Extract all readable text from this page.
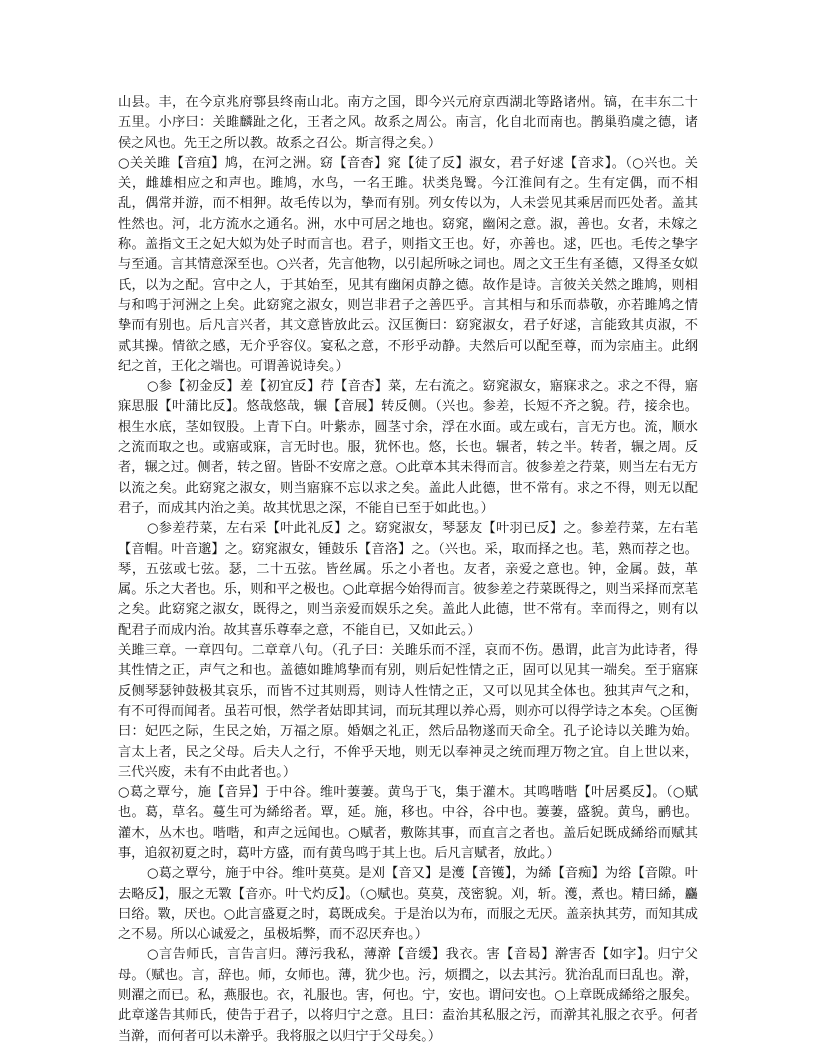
山县。丰，在今京兆府鄠县终南山北。南方之国，即今兴元府京西湖北等路诸州。镐，在丰东二十五里。小序曰：关雎麟趾之化，王者之风。故系之周公。南言，化自北而南也。鹊巢驺虞之德，诸侯之风也。先王之所以教。故系之召公。斯言得之矣。）

○关关雎【音疽】鸠，在河之洲。窈【音杳】窕【徒了反】淑女，君子好逑【音求】。（○兴也。关关，雌雄相应之和声也。雎鸠，水鸟，一名王雎。状类凫鹥。今江淮间有之。生有定偶，而不相乱，偶常并游，而不相狎。故毛传以为，挚而有别。列女传以为，人未尝见其乘居而匹处者。盖其性然也。河，北方流水之通名。洲，水中可居之地也。窈窕，幽闲之意。淑，善也。女者，未嫁之称。盖指文王之妃大姒为处子时而言也。君子，则指文王也。好，亦善也。逑，匹也。毛传之挚字与至通。言其情意深至也。○兴者，先言他物，以引起所咏之词也。周之文王生有圣德，又得圣女姒氏，以为之配。宫中之人，于其始至，见其有幽闲贞静之德。故作是诗。言彼关关然之雎鸠，则相与和鸣于河洲之上矣。此窈窕之淑女，则岂非君子之善匹乎。言其相与和乐而恭敬，亦若雎鸠之情挚而有别也。后凡言兴者，其文意皆放此云。汉匡衡曰：窈窕淑女，君子好逑，言能致其贞淑，不贰其操。情欲之感，无介乎容仪。宴私之意，不形乎动静。夫然后可以配至尊，而为宗庙主。此纲纪之首，王化之端也。可谓善说诗矣。）

○参【初金反】差【初宜反】荇【音杏】菜，左右流之。窈窕淑女，寤寐求之。求之不得，寤寐思服【叶蒲比反】。悠哉悠哉，辗【音展】转反侧。（兴也。参差，长短不齐之貌。荇，接余也。根生水底，茎如钗股。上青下白。叶紫赤，圆茎寸余，浮在水面。或左或右，言无方也。流，顺水之流而取之也。或寤或寐，言无时也。服，犹怀也。悠，长也。辗者，转之半。转者，辗之周。反者，辗之过。侧者，转之留。皆卧不安席之意。○此章本其未得而言。彼参差之荇菜，则当左右无方以流之矣。此窈窕之淑女，则当寤寐不忘以求之矣。盖此人此德，世不常有。求之不得，则无以配君子，而成其内治之美。故其忧思之深，不能自已至于如此也。）

○参差荇菜，左右采【叶此礼反】之。窈窕淑女，琴瑟友【叶羽已反】之。参差荇菜，左右芼【音帽。叶音邈】之。窈窕淑女，锺鼓乐【音洛】之。（兴也。采，取而择之也。芼，熟而荐之也。琴，五弦或七弦。瑟，二十五弦。皆丝属。乐之小者也。友者，亲爱之意也。钟，金属。鼓，革属。乐之大者也。乐，则和平之极也。○此章据今始得而言。彼参差之荇菜既得之，则当采择而烹芼之矣。此窈窕之淑女，既得之，则当亲爱而娱乐之矣。盖此人此德，世不常有。幸而得之，则有以配君子而成内治。故其喜乐尊奉之意，不能自已，又如此云。）

关雎三章。一章四句。二章章八句。（孔子曰：关雎乐而不淫，哀而不伤。愚谓，此言为此诗者，得其性情之正，声气之和也。盖德如雎鸠挚而有别，则后妃性情之正，固可以见其一端矣。至于寤寐反侧琴瑟钟鼓极其哀乐，而皆不过其则焉，则诗人性情之正，又可以见其全体也。独其声气之和，有不可得而闻者。虽若可恨，然学者姑即其词，而玩其理以养心焉，则亦可以得学诗之本矣。○匡衡曰：妃匹之际，生民之始，万福之原。婚姻之礼正，然后品物遂而天命全。孔子论诗以关雎为始。言太上者，民之父母。后夫人之行，不侔乎天地，则无以奉神灵之统而理万物之宜。自上世以来，三代兴废，未有不由此者也。）

○葛之覃兮，施【音异】于中谷。维叶萋萋。黄鸟于飞，集于灌木。其鸣喈喈【叶居奚反】。（○赋也。葛，草名。蔓生可为絺绤者。覃，延。施，移也。中谷，谷中也。萋萋，盛貌。黄鸟，鹂也。灌木，丛木也。喈喈，和声之远闻也。○赋者，敷陈其事，而直言之者也。盖后妃既成絺绤而赋其事，追叙初夏之时，葛叶方盛，而有黄鸟鸣于其上也。后凡言赋者，放此。）

○葛之覃兮，施于中谷。维叶莫莫。是刈【音又】是濩【音镬】，为絺【音痴】为绤【音隙。叶去略反】，服之无斁【音亦。叶弋灼反】。（○赋也。莫莫，茂密貌。刈，斩。濩，煮也。精曰絺，麤曰绤。斁，厌也。○此言盛夏之时，葛既成矣。于是治以为布，而服之无厌。盖亲执其劳，而知其成之不易。所以心诚爱之，虽极垢弊，而不忍厌弃也。）

○言告师氏，言告言归。薄污我私，薄澣【音缓】我衣。害【音曷】澣害否【如字】。归宁父母。（赋也。言，辞也。师，女师也。薄，犹少也。污，烦撋之，以去其污。犹治乱而曰乱也。澣，则濯之而已。私，燕服也。衣，礼服也。害，何也。宁，安也。谓问安也。○上章既成絺绤之服矣。此章遂告其师氏，使告于君子，以将归宁之意。且曰：盍治其私服之污，而澣其礼服之衣乎。何者当澣，而何者可以未澣乎。我将服之以归宁于父母矣。）
